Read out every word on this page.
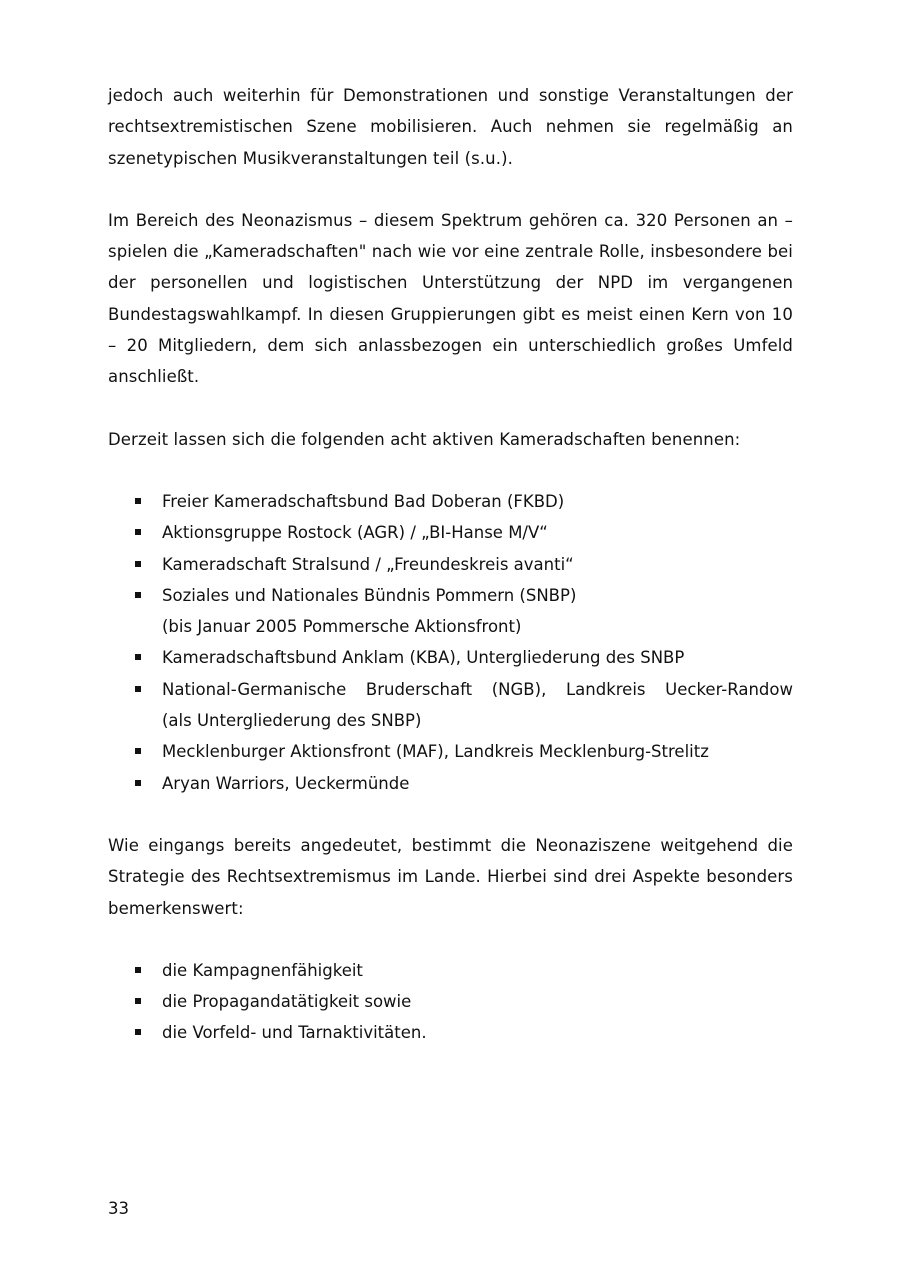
jedoch auch weiterhin für Demonstrationen und sonstige Veranstaltungen der rechtsextremistischen Szene mobilisieren. Auch nehmen sie regelmäßig an szenetypischen Musikveranstaltungen teil (s.u.).

Im Bereich des Neonazismus – diesem Spektrum gehören ca. 320 Personen an – spielen die „Kameradschaften" nach wie vor eine zentrale Rolle, insbesondere bei der personellen und logistischen Unterstützung der NPD im vergangenen Bundestagswahlkampf. In diesen Gruppierungen gibt es meist einen Kern von 10 – 20 Mitgliedern, dem sich anlassbezogen ein unterschiedlich großes Umfeld anschließt.

Derzeit lassen sich die folgenden acht aktiven Kameradschaften benennen:

Freier Kameradschaftsbund Bad Doberan (FKBD)
Aktionsgruppe Rostock (AGR) / „BI-Hanse M/V“
Kameradschaft Stralsund / „Freundeskreis avanti“
Soziales und Nationales Bündnis Pommern (SNBP)
(bis Januar 2005 Pommersche Aktionsfront)
Kameradschaftsbund Anklam (KBA), Untergliederung des SNBP
National-Germanische Bruderschaft (NGB), Landkreis Uecker-Randow
(als Untergliederung des SNBP)
Mecklenburger Aktionsfront (MAF), Landkreis Mecklenburg-Strelitz
Aryan Warriors, Ueckermünde

Wie eingangs bereits angedeutet, bestimmt die Neonaziszene weitgehend die Strategie des Rechtsextremismus im Lande. Hierbei sind drei Aspekte besonders bemerkenswert:

die Kampagnenfähigkeit
die Propagandatätigkeit sowie
die Vorfeld- und Tarnaktivitäten.
33
